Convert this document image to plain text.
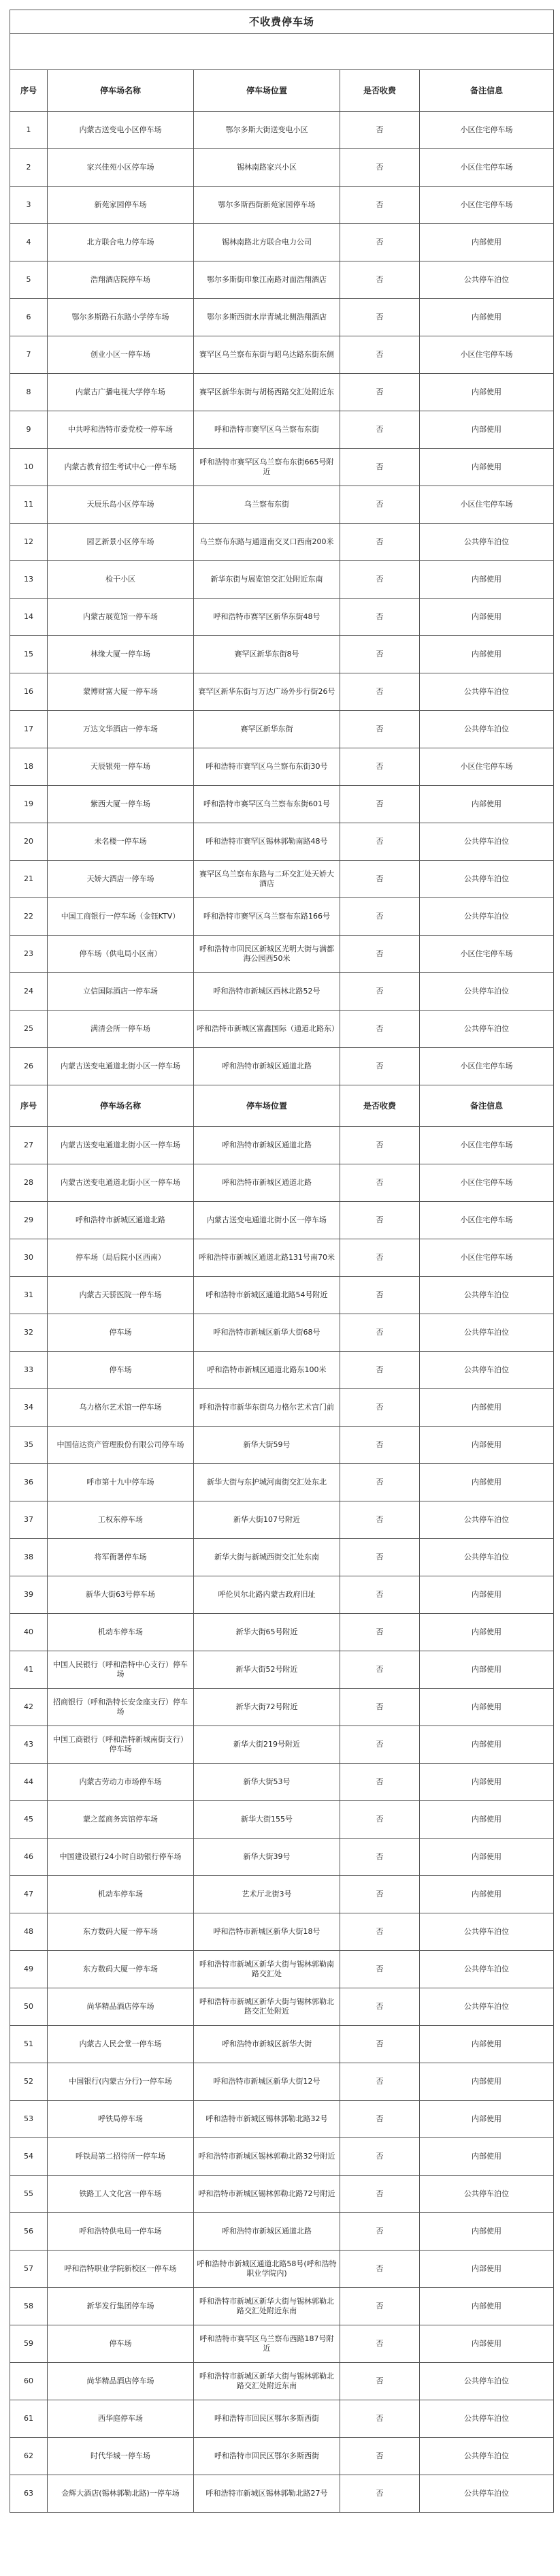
不收费停车场				

序号	停车场名称	停车场位置	是否收费	备注信息
1	内蒙古送变电小区停车场	鄂尔多斯大街送变电小区	否	小区住宅停车场
2	家兴佳苑小区停车场	锡林南路家兴小区	否	小区住宅停车场
3	新苑家园停车场	鄂尔多斯西街新苑家园停车场	否	小区住宅停车场
4	北方联合电力停车场	锡林南路北方联合电力公司	否	内部使用
5	浩翔酒店院停车场	鄂尔多斯街印象江南路对面浩翔酒店	否	公共停车泊位
6	鄂尔多斯路石东路小学停车场	鄂尔多斯西街水岸青城北侧浩翔酒店	否	内部使用
7	创业小区一停车场	赛罕区乌兰察布东街与昭乌达路东街东侧	否	小区住宅停车场
8	内蒙古广播电视大学停车场	赛罕区新华东街与胡杨西路交汇处附近东	否	内部使用
9	中共呼和浩特市委党校一停车场	呼和浩特市赛罕区乌兰察布东街	否	内部使用
10	内蒙古教育招生考试中心一停车场	呼和浩特市赛罕区乌兰察布东街665号附近	否	内部使用
11	天辰乐岛小区停车场	乌兰察布东街	否	小区住宅停车场
12	园艺新景小区停车场	乌兰察布东路与通道南交叉口西南200米	否	公共停车泊位
13	检干小区	新华东街与展览馆交汇处附近东南	否	内部使用
14	内蒙古展览馆一停车场	呼和浩特市赛罕区新华东街48号	否	内部使用
15	林缘大厦一停车场	赛罕区新华东街8号	否	内部使用
16	蒙博财富大厦一停车场	赛罕区新华东街与万达广场外步行街26号	否	公共停车泊位
17	万达文华酒店一停车场	赛罕区新华东街	否	公共停车泊位
18	天辰银苑一停车场	呼和浩特市赛罕区乌兰察布东街30号	否	小区住宅停车场
19	紫西大厦一停车场	呼和浩特市赛罕区乌兰察布东街601号	否	内部使用
20	未名楼一停车场	呼和浩特市赛罕区锡林郭勒南路48号	否	公共停车泊位
21	天娇大酒店一停车场	赛罕区乌兰察布东路与二环交汇处天娇大酒店	否	公共停车泊位
22	中国工商银行一停车场（金钰KTV）	呼和浩特市赛罕区乌兰察布东路166号	否	公共停车泊位
23	停车场（供电局小区南）	呼和浩特市回民区新城区光明大街与满都海公园西50米	否	小区住宅停车场
24	立信国际酒店一停车场	呼和浩特市新城区西林北路52号	否	公共停车泊位
25	满清会所一停车场	呼和浩特市新城区富鑫国际（通道北路东）	否	公共停车泊位
26	内蒙古送变电通道北街小区一停车场	呼和浩特市新城区通道北路	否	小区住宅停车场
序号	停车场名称	停车场位置	是否收费	备注信息
27	内蒙古送变电通道北街小区一停车场	呼和浩特市新城区通道北路	否	小区住宅停车场
28	内蒙古送变电通道北街小区一停车场	呼和浩特市新城区通道北路	否	小区住宅停车场
29	呼和浩特市新城区通道北路	内蒙古送变电通道北街小区一停车场	否	小区住宅停车场
30	停车场（局后院小区西南）	呼和浩特市新城区通道北路131号南70米	否	小区住宅停车场
31	内蒙古天骄医院一停车场	呼和浩特市新城区通道北路54号附近	否	公共停车泊位
32	停车场	呼和浩特市新城区新华大街68号	否	公共停车泊位
33	停车场	呼和浩特市新城区通道北路东100米	否	公共停车泊位
34	乌力格尔艺术馆一停车场	呼和浩特市新华东街乌力格尔艺术宫门前	否	内部使用
35	中国信达资产管理股份有限公司停车场	新华大街59号	否	内部使用
36	呼市第十九中停车场	新华大街与东护城河南街交汇处东北	否	内部使用
37	工权东停车场	新华大街107号附近	否	公共停车泊位
38	将军衙署停车场	新华大街与新城西街交汇处东南	否	公共停车泊位
39	新华大街63号停车场	呼伦贝尔北路内蒙古政府旧址	否	内部使用
40	机动车停车场	新华大街65号附近	否	内部使用
41	中国人民银行（呼和浩特中心支行）停车场	新华大街52号附近	否	内部使用
42	招商银行（呼和浩特长安金座支行）停车场	新华大街72号附近	否	内部使用
43	中国工商银行（呼和浩特新城南街支行）停车场	新华大街219号附近	否	内部使用
44	内蒙古劳动力市场停车场	新华大街53号	否	内部使用
45	蒙之蓝商务宾馆停车场	新华大街155号	否	内部使用
46	中国建设银行24小时自助银行停车场	新华大街39号	否	内部使用
47	机动车停车场	艺术厅北街3号	否	内部使用
48	东方数码大厦一停车场	呼和浩特市新城区新华大街18号	否	公共停车泊位
49	东方数码大厦一停车场	呼和浩特市新城区新华大街与锡林郭勒南路交汇处	否	公共停车泊位
50	尚华精品酒店停车场	呼和浩特市新城区新华大街与锡林郭勒北路交汇处附近	否	公共停车泊位
51	内蒙古人民会堂一停车场	呼和浩特市新城区新华大街	否	内部使用
52	中国银行(内蒙古分行)一停车场	呼和浩特市新城区新华大街12号	否	内部使用
53	呼铁局停车场	呼和浩特市新城区锡林郭勒北路32号	否	内部使用
54	呼铁局第二招待所一停车场	呼和浩特市新城区锡林郭勒北路32号附近	否	内部使用
55	铁路工人文化宫一停车场	呼和浩特市新城区锡林郭勒北路72号附近	否	公共停车泊位
56	呼和浩特供电局一停车场	呼和浩特市新城区通道北路	否	内部使用
57	呼和浩特职业学院新校区一停车场	呼和浩特市新城区通道北路58号(呼和浩特职业学院内)	否	内部使用
58	新华发行集团停车场	呼和浩特市新城区新华大街与锡林郭勒北路交汇处附近东南	否	内部使用
59	停车场	呼和浩特市赛罕区乌兰察布西路187号附近	否	内部使用
60	尚华精品酒店停车场	呼和浩特市新城区新华大街与锡林郭勒北路交汇处附近东南	否	公共停车泊位
61	西华庭停车场	呼和浩特市回民区鄂尔多斯西街	否	公共停车泊位
62	时代华城一停车场	呼和浩特市回民区鄂尔多斯西街	否	公共停车泊位
63	金辉大酒店(锡林郭勒北路)一停车场	呼和浩特市新城区锡林郭勒北路27号	否	公共停车泊位
